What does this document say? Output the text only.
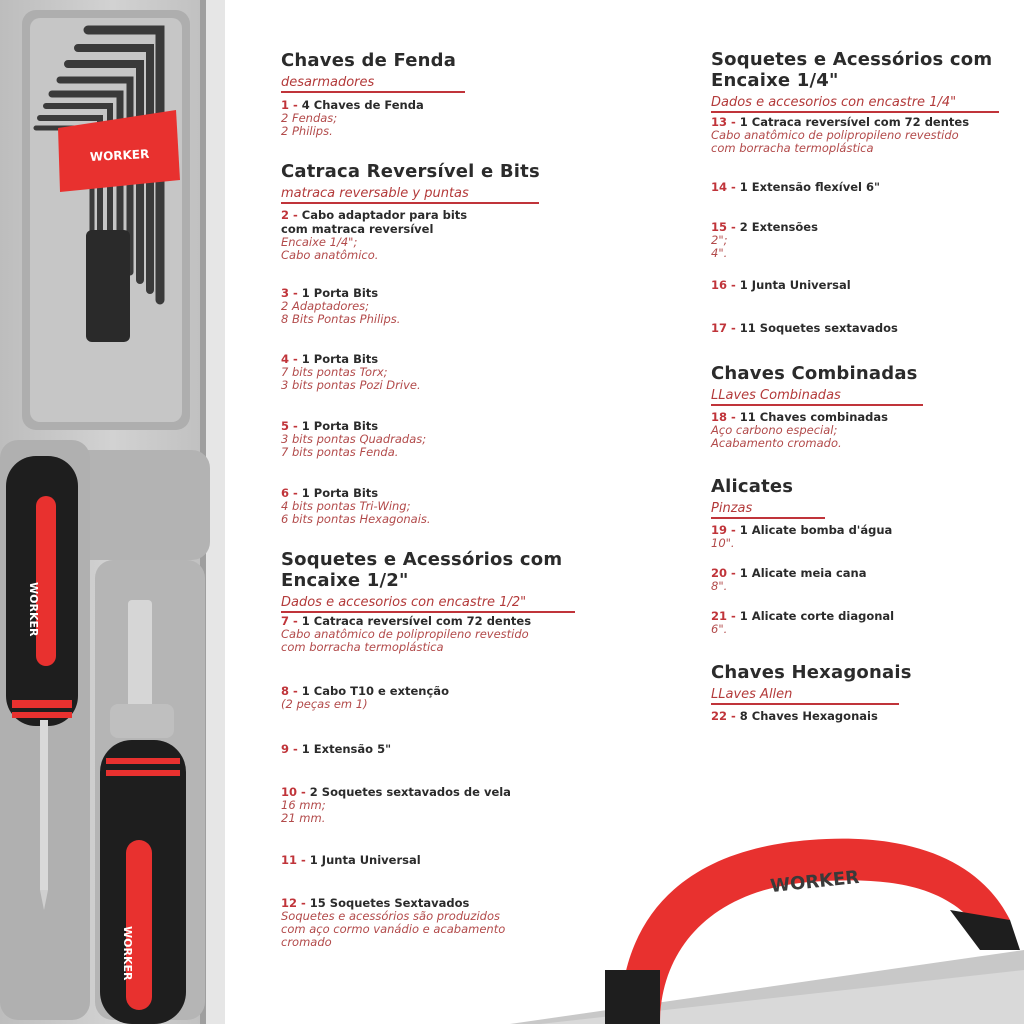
WORKER
WORKER
WORKER
WORKER
Chaves de Fenda
desarmadores
1 - 4 Chaves de Fenda
2 Fendas;
2 Philips.
Catraca Reversível e Bits
matraca reversable y puntas
2 - Cabo adaptador para bits
com matraca reversível
Encaixe 1/4";
Cabo anatômico.
3 - 1 Porta Bits
2 Adaptadores;
8 Bits Pontas Philips.
4 - 1 Porta Bits
7 bits pontas Torx;
3 bits pontas Pozi Drive.
5 - 1 Porta Bits
3 bits pontas Quadradas;
7 bits pontas Fenda.
6 - 1 Porta Bits
4 bits pontas Tri-Wing;
6 bits pontas Hexagonais.
Soquetes e Acessórios com
Encaixe 1/2"
Dados e accesorios con encastre 1/2"
7 - 1 Catraca reversível com 72 dentes
Cabo anatômico de polipropileno revestido
com borracha termoplástica
8 - 1 Cabo T10 e extenção
(2 peças em 1)
9 - 1 Extensão 5"
10 - 2 Soquetes sextavados de vela
16 mm;
21 mm.
11 - 1 Junta Universal
12 - 15 Soquetes Sextavados
Soquetes e acessórios são produzidos
com aço cormo vanádio e acabamento
cromado
Soquetes e Acessórios com
Encaixe 1/4"
Dados e accesorios con encastre 1/4"
13 - 1 Catraca reversível com 72 dentes
Cabo anatômico de polipropileno revestido
com borracha termoplástica
14 - 1 Extensão flexível 6"
15 - 2 Extensões
2";
4".
16 - 1 Junta Universal
17 - 11 Soquetes sextavados
Chaves Combinadas
LLaves Combinadas
18 - 11 Chaves combinadas
Aço carbono especial;
Acabamento cromado.
Alicates
Pinzas
19 - 1 Alicate bomba d'água
10".
20 - 1 Alicate meia cana
8".
21 - 1 Alicate corte diagonal
6".
Chaves Hexagonais
LLaves Allen
22 - 8 Chaves Hexagonais
